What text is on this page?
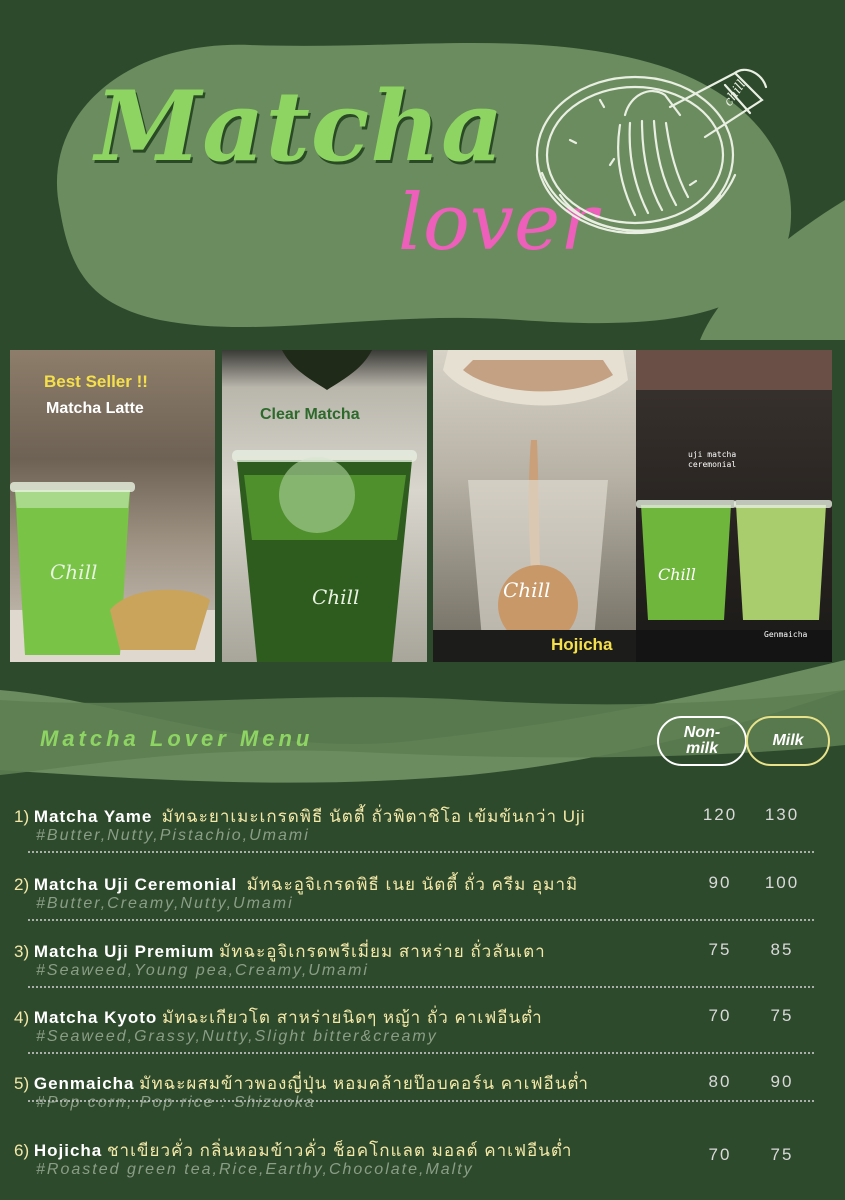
Matcha
lover
chill
Best Seller !!
Matcha Latte
Chill
Clear Matcha
Chill
Hojicha
Chill
uji matcha ceremonial
Genmaicha
Chill
Matcha Lover Menu	Non-
milk	Milk
1) Matcha Yame มัทฉะยาเมะเกรดพิธี นัตตี้ ถั่วพิตาชิโอ เข้มข้นกว่า Uji
#Butter,Nutty,Pistachio,Umami
120	130
2) Matcha Uji Ceremonial มัทฉะอูจิเกรดพิธี เนย นัตตี้ ถั่ว ครีม อุมามิ
#Butter,Creamy,Nutty,Umami
90	100
3) Matcha Uji Premium มัทฉะอูจิเกรดพรีเมี่ยม สาหร่าย ถั่วลันเตา
#Seaweed,Young pea,Creamy,Umami
75	85
4) Matcha Kyoto มัทฉะเกียวโต สาหร่ายนิดๆ หญ้า ถั่ว คาเฟอีนต่ำ
#Seaweed,Grassy,Nutty,Slight bitter&creamy
70	75
5) Genmaicha มัทฉะผสมข้าวพองญี่ปุ่น หอมคล้ายป๊อบคอร์น คาเฟอีนต่ำ
#Pop corn, Pop rice : Shizuoka
80	90
6) Hojicha ชาเขียวคั่ว กลิ่นหอมข้าวคั่ว ช็อคโกแลต มอลต์ คาเฟอีนต่ำ
#Roasted green tea,Rice,Earthy,Chocolate,Malty
70	75
